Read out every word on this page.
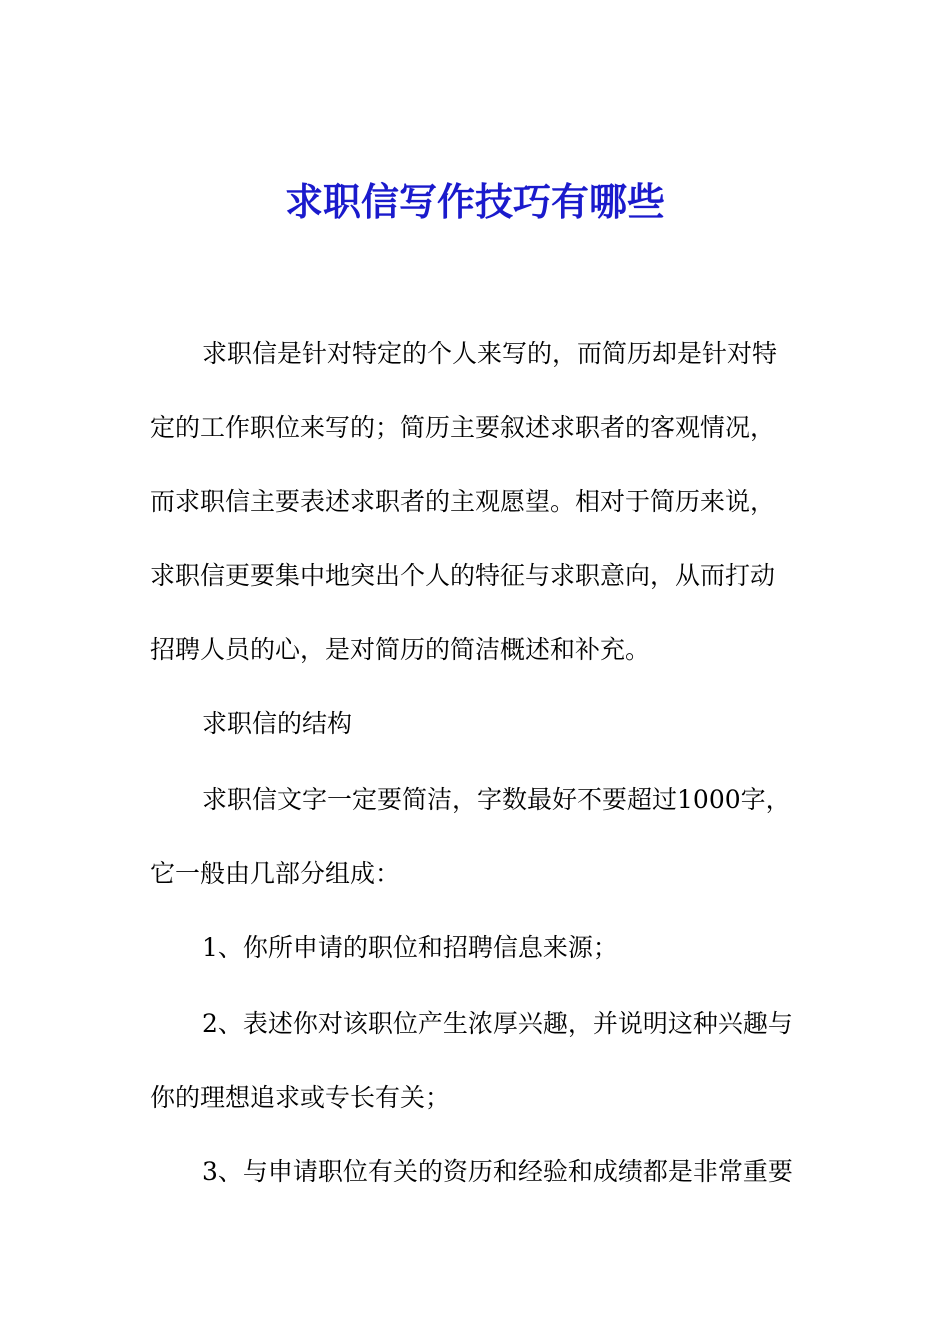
求职信写作技巧有哪些

求职信是针对特定的个人来写的，而简历却是针对特

定的工作职位来写的；简历主要叙述求职者的客观情况，

而求职信主要表述求职者的主观愿望。相对于简历来说，

求职信更要集中地突出个人的特征与求职意向，从而打动

招聘人员的心，是对简历的简洁概述和补充。

求职信的结构

求职信文字一定要简洁，字数最好不要超过1000字，

它一般由几部分组成：

1、你所申请的职位和招聘信息来源；

2、表述你对该职位产生浓厚兴趣，并说明这种兴趣与

你的理想追求或专长有关；

3、与申请职位有关的资历和经验和成绩都是非常重要
